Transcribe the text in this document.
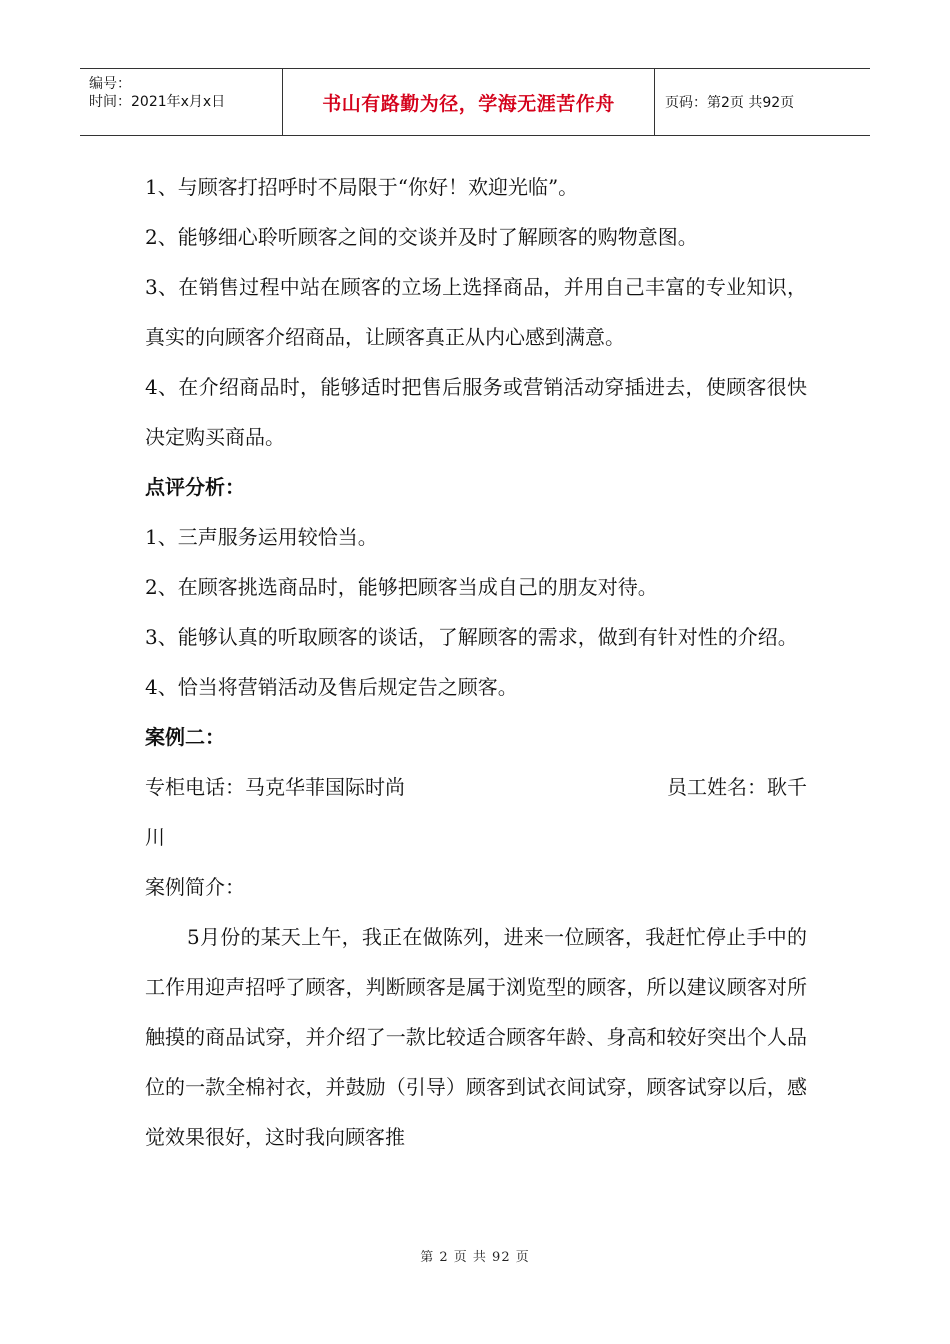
编号：
时间：2021年x月x日	书山有路勤为径，学海无涯苦作舟	页码：第2页 共92页

1、与顾客打招呼时不局限于“你好！欢迎光临”。

2、能够细心聆听顾客之间的交谈并及时了解顾客的购物意图。

3、在销售过程中站在顾客的立场上选择商品，并用自己丰富的专业知识，真实的向顾客介绍商品，让顾客真正从内心感到满意。

4、在介绍商品时，能够适时把售后服务或营销活动穿插进去，使顾客很快决定购买商品。

点评分析：

1、三声服务运用较恰当。

2、在顾客挑选商品时，能够把顾客当成自己的朋友对待。

3、能够认真的听取顾客的谈话，了解顾客的需求，做到有针对性的介绍。

4、恰当将营销活动及售后规定告之顾客。

案例二：

专柜电话：马克华菲国际时尚	员工姓名：耿千

川

案例简介：

5月份的某天上午，我正在做陈列，进来一位顾客，我赶忙停止手中的工作用迎声招呼了顾客，判断顾客是属于浏览型的顾客，所以建议顾客对所触摸的商品试穿，并介绍了一款比较适合顾客年龄、身高和较好突出个人品位的一款全棉衬衣，并鼓励（引导）顾客到试衣间试穿，顾客试穿以后，感觉效果很好，这时我向顾客推

第 2 页 共 92 页
